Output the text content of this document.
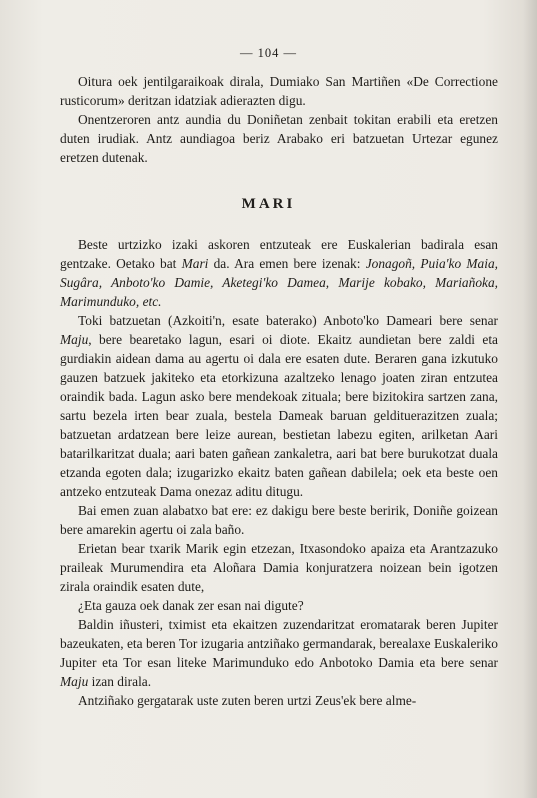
— 104 —

Oitura oek jentilgaraikoak dirala, Dumiako San Martiñen «De Correctione rusticorum» deritzan idatziak adierazten digu.

Onentzeroren antz aundia du Doniñetan zenbait tokitan erabili eta eretzen duten irudiak. Antz aundiagoa beriz Arabako eri batzuetan Urtezar egunez eretzen dutenak.

MARI

Beste urtzizko izaki askoren entzuteak ere Euskalerian badirala esan gentzake. Oetako bat Mari da. Ara emen bere izenak: Jonagoñ, Puia'ko Maia, Sugâra, Anboto'ko Damie, Aketegi'ko Damea, Marije kobako, Mariañoka, Marimunduko, etc.

Toki batzuetan (Azkoiti'n, esate baterako) Anboto'ko Dameari bere senar Maju, bere bearetako lagun, esari oi diote. Ekaitz aundietan bere zaldi eta gurdiakin aidean dama au agertu oi dala ere esaten dute. Beraren gana izkutuko gauzen batzuek jakiteko eta etorkizuna azaltzeko lenago joaten ziran entzutea oraindik bada. Lagun asko bere mendekoak zituala; bere bizitokira sartzen zana, sartu bezela irten bear zuala, bestela Dameak baruan geldituerazitzen zuala; batzuetan ardatzean bere leize aurean, bestietan labezu egiten, arilketan Aari batarilkaritzat duala; aari baten gañean zankaletra, aari bat bere burukotzat duala etzanda egoten dala; izugarizko ekaitz baten gañean dabilela; oek eta beste oen antzeko entzuteak Dama onezaz aditu ditugu.

Bai emen zuan alabatxo bat ere: ez dakigu bere beste beririk, Doniñe goizean bere amarekin agertu oi zala baño.

Erietan bear txarik Marik egin etzezan, Itxasondoko apaiza eta Arantzazuko praileak Murumendira eta Aloñara Damia konjuratzera noizean bein igotzen zirala oraindik esaten dute,

¿Eta gauza oek danak zer esan nai digute?

Baldin iñusteri, tximist eta ekaitzen zuzendaritzat eromatarak beren Jupiter bazeukaten, eta beren Tor izugaria antziñako germandarak, berealaxe Euskaleriko Jupiter eta Tor esan liteke Marimunduko edo Anbotoko Damia eta bere senar Maju izan dirala.

Antziñako gergatarak uste zuten beren urtzi Zeus'ek bere alme-
